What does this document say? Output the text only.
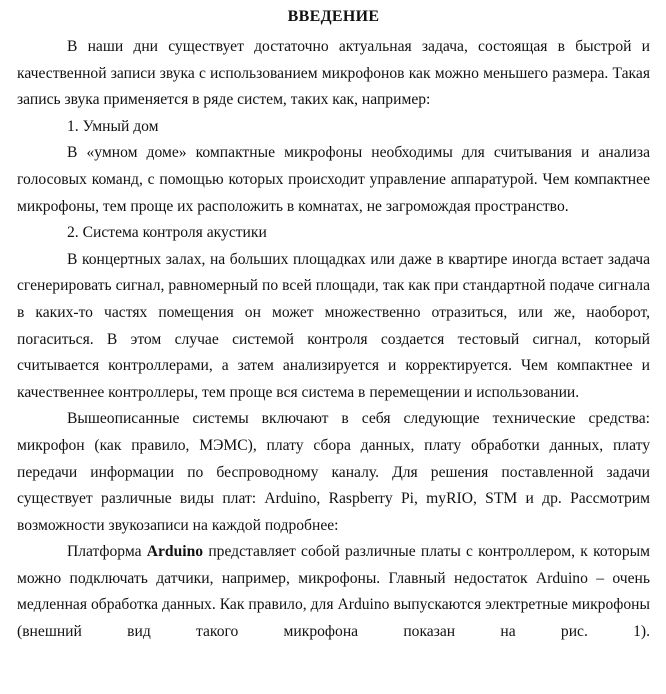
ВВЕДЕНИЕ

В наши дни существует достаточно актуальная задача, состоящая в быстрой и качественной записи звука с использованием микрофонов как можно меньшего размера. Такая запись звука применяется в ряде систем, таких как, например:

1. Умный дом

В «умном доме» компактные микрофоны необходимы для считывания и анализа голосовых команд, с помощью которых происходит управление аппаратурой. Чем компактнее микрофоны, тем проще их расположить в комнатах, не загромождая пространство.

2. Система контроля акустики

В концертных залах, на больших площадках или даже в квартире иногда встает задача сгенерировать сигнал, равномерный по всей площади, так как при стандартной подаче сигнала в каких-то частях помещения он может множественно отразиться, или же, наоборот, погаситься. В этом случае системой контроля создается тестовый сигнал, который считывается контроллерами, а затем анализируется и корректируется. Чем компактнее и качественнее контроллеры, тем проще вся система в перемещении и использовании.

Вышеописанные системы включают в себя следующие технические средства: микрофон (как правило, МЭМС), плату сбора данных, плату обработки данных, плату передачи информации по беспроводному каналу. Для решения поставленной задачи существует различные виды плат: Arduino, Raspberry Pi, myRIO, STM и др. Рассмотрим возможности звукозаписи на каждой подробнее:

Платформа Arduino представляет собой различные платы с контроллером, к которым можно подключать датчики, например, микрофоны. Главный недостаток Arduino – очень медленная обработка данных. Как правило, для Arduino выпускаются электретные микрофоны (внешний вид такого микрофона показан на рис. 1).
